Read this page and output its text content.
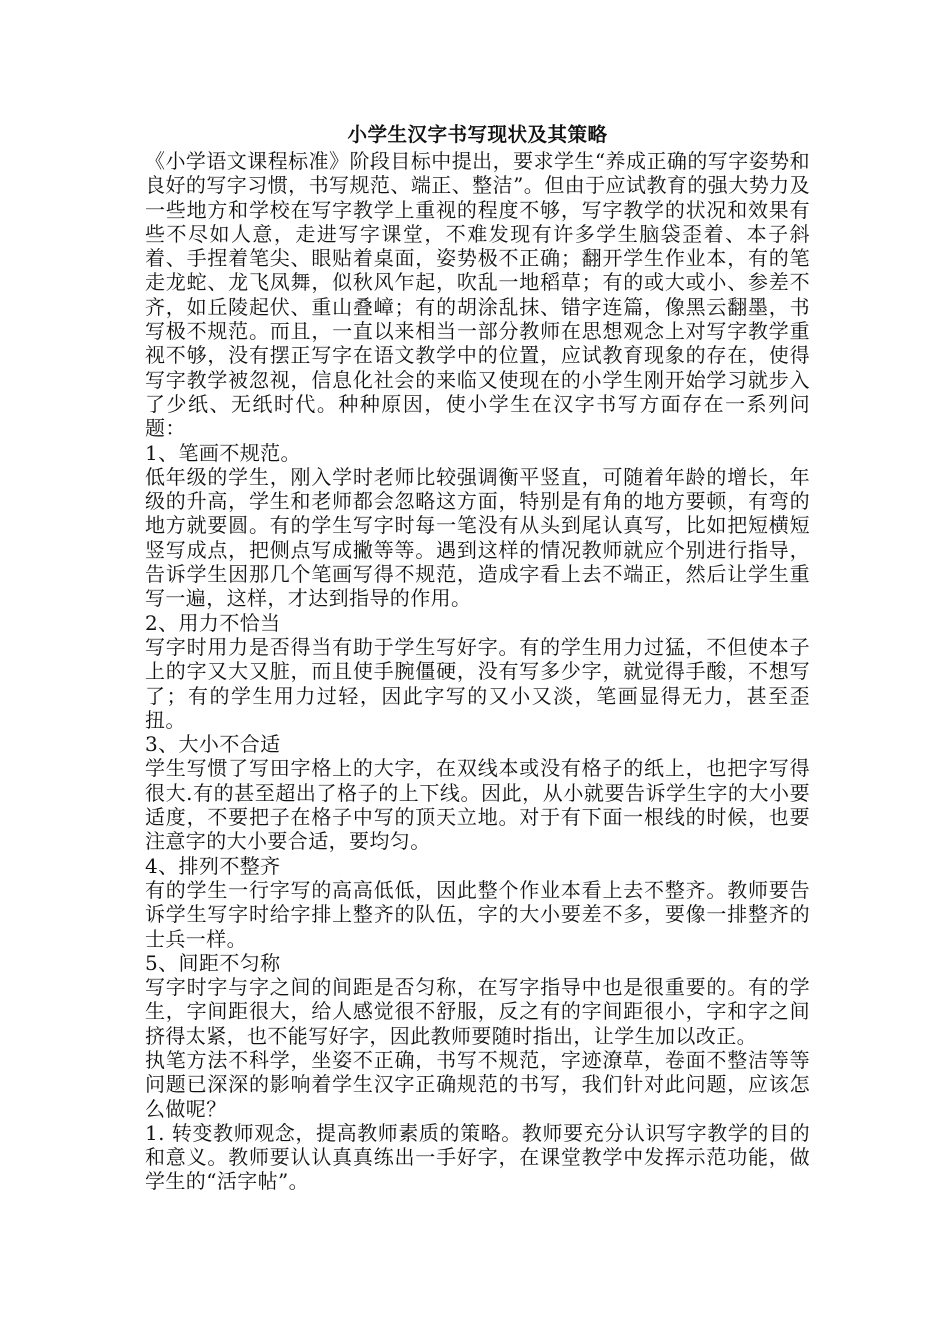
小学生汉字书写现状及其策略

《小学语文课程标准》阶段目标中提出，要求学生“养成正确的写字姿势和良好的写字习惯，书写规范、端正、整洁”。但由于应试教育的强大势力及一些地方和学校在写字教学上重视的程度不够，写字教学的状况和效果有些不尽如人意，走进写字课堂，不难发现有许多学生脑袋歪着、本子斜着、手捏着笔尖、眼贴着桌面，姿势极不正确；翻开学生作业本，有的笔走龙蛇、龙飞凤舞，似秋风乍起，吹乱一地稻草；有的或大或小、参差不齐，如丘陵起伏、重山叠嶂；有的胡涂乱抹、错字连篇，像黑云翻墨，书写极不规范。而且，一直以来相当一部分教师在思想观念上对写字教学重视不够，没有摆正写字在语文教学中的位置，应试教育现象的存在，使得写字教学被忽视，信息化社会的来临又使现在的小学生刚开始学习就步入了少纸、无纸时代。种种原因，使小学生在汉字书写方面存在一系列问题：

1、笔画不规范。

低年级的学生，刚入学时老师比较强调衡平竖直，可随着年龄的增长，年级的升高，学生和老师都会忽略这方面，特别是有角的地方要顿，有弯的地方就要圆。有的学生写字时每一笔没有从头到尾认真写，比如把短横短竖写成点，把侧点写成撇等等。遇到这样的情况教师就应个别进行指导，告诉学生因那几个笔画写得不规范，造成字看上去不端正，然后让学生重写一遍，这样，才达到指导的作用。

2、用力不恰当

写字时用力是否得当有助于学生写好字。有的学生用力过猛，不但使本子上的字又大又脏，而且使手腕僵硬，没有写多少字，就觉得手酸，不想写了；有的学生用力过轻，因此字写的又小又淡，笔画显得无力，甚至歪扭。

3、大小不合适

学生写惯了写田字格上的大字，在双线本或没有格子的纸上，也把字写得很大.有的甚至超出了格子的上下线。因此，从小就要告诉学生字的大小要适度，不要把子在格子中写的顶天立地。对于有下面一根线的时候，也要注意字的大小要合适，要均匀。

4、排列不整齐

有的学生一行字写的高高低低，因此整个作业本看上去不整齐。教师要告诉学生写字时给字排上整齐的队伍，字的大小要差不多，要像一排整齐的士兵一样。

5、间距不匀称

写字时字与字之间的间距是否匀称，在写字指导中也是很重要的。有的学生，字间距很大，给人感觉很不舒服，反之有的字间距很小，字和字之间挤得太紧，也不能写好字，因此教师要随时指出，让学生加以改正。

执笔方法不科学，坐姿不正确，书写不规范，字迹潦草，卷面不整洁等等问题已深深的影响着学生汉字正确规范的书写，我们针对此问题，应该怎么做呢？

1. 转变教师观念，提高教师素质的策略。教师要充分认识写字教学的目的和意义。教师要认认真真练出一手好字，在课堂教学中发挥示范功能，做学生的“活字帖”。
